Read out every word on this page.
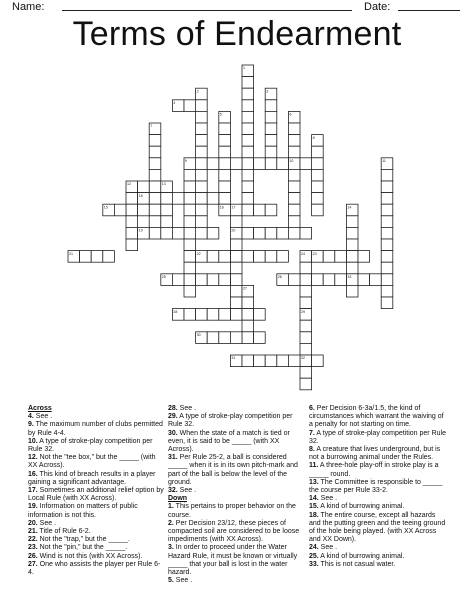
Name:	Date:
Terms of Endearment
1
2	3
4
5	6
7
8
9	10	11
12	13
14
15	16 17
18
19	20
21	22	23
24
25	26
27
28	29
30
31	32
33
Across
4. See .
9. The maximum number of clubs permitted by Rule 4-4.
10. A type of stroke-play competition per Rule 32.
12. Not the "tee box," but the _____ (with XX Across).
16. This kind of breach results in a player gaining a significant advantage.
17. Sometimes an additional relief option by Local Rule (with XX Across).
19. Information on matters of public information is not this.
20. See .
21. Title of Rule 6-2.
22. Not the "trap," but the _____.
23. Not the "pin," but the _____.
26. Wind is not this (with XX Across).
27. One who assists the player per Rule 6-4.
28. See .
29. A type of stroke-play competition per Rule 32.
30. When the state of a match is tied or even, it is said to be _____ (with XX Across).
31. Per Rule 25-2, a ball is considered _____ when it is in its own pitch-mark and part of the ball is below the level of the ground.
32. See .
Down
1. This pertains to proper behavior on the course.
2. Per Decision 23/12, these pieces of compacted soil are considered to be loose impediments (with XX Across).
3. In order to proceed under the Water Hazard Rule, it must be known or virtually _____ that your ball is lost in the water hazard.
5. See .
6. Per Decision 6-3a/1.5, the kind of circumstances which warrant the waiving of a penalty for not starting on time.
7. A type of stroke-play competition per Rule 32.
8. A creature that lives underground, but is not a burrowing animal under the Rules.
11. A three-hole play-off in stroke play is a _____ round.
13. The Committee is responsible to _____ the course per Rule 33-2.
14. See .
15. A kind of burrowing animal.
18. The entire course, except all hazards and the putting green and the teeing ground of the hole being played. (with XX Across and XX Down).
24. See .
25. A kind of burrowing animal.
33. This is not casual water.
